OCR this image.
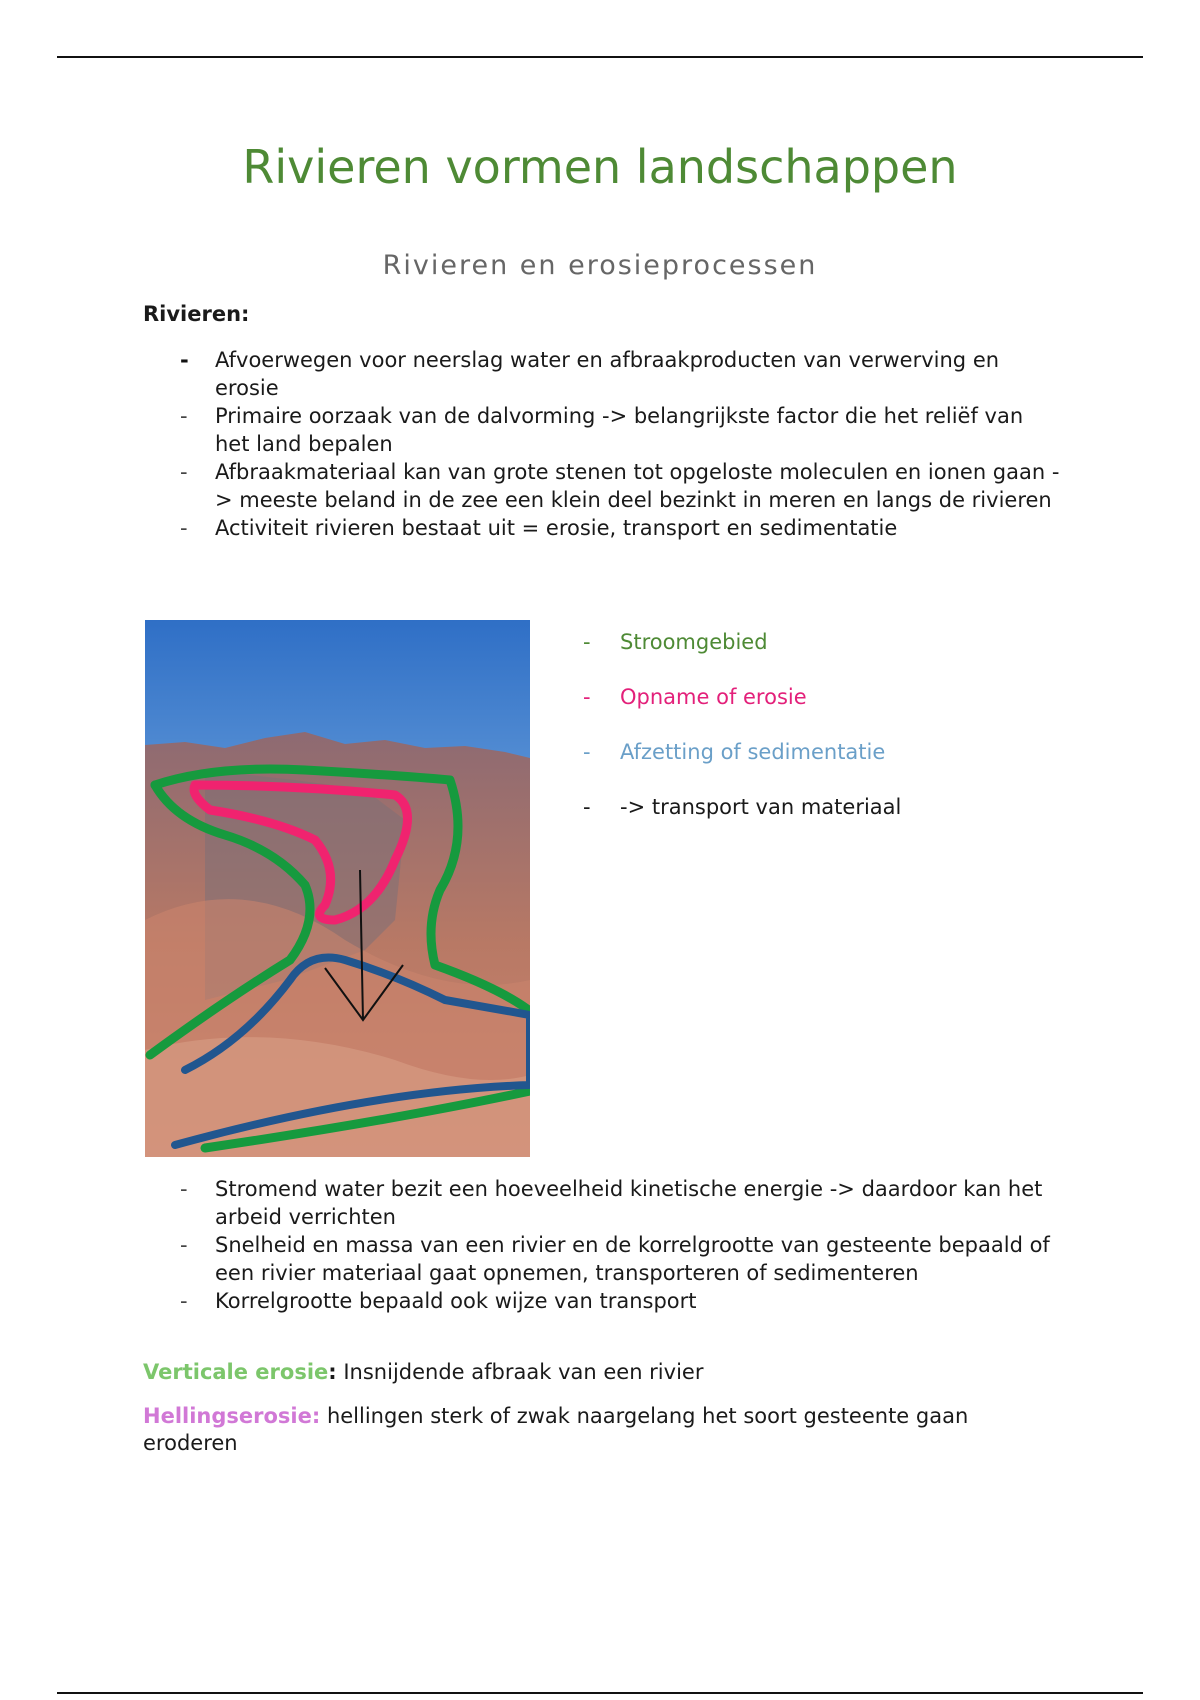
Rivieren vormen landschappen
Rivieren en erosieprocessen

Rivieren:

- Afvoerwegen voor neerslag water en afbraakproducten van verwerving en erosie
- Primaire oorzaak van de dalvorming -> belangrijkste factor die het reliëf van het land bepalen
- Afbraakmateriaal kan van grote stenen tot opgeloste moleculen en ionen gaan -> meeste beland in de zee een klein deel bezinkt in meren en langs de rivieren
- Activiteit rivieren bestaat uit = erosie, transport en sedimentatie
- Stroomgebied
- Opname of erosie
- Afzetting of sedimentatie
- -> transport van materiaal
- Stromend water bezit een hoeveelheid kinetische energie -> daardoor kan het arbeid verrichten
- Snelheid en massa van een rivier en de korrelgrootte van gesteente bepaald of een rivier materiaal gaat opnemen, transporteren of sedimenteren
- Korrelgrootte bepaald ook wijze van transport

Verticale erosie: Insnijdende afbraak van een rivier

Hellingserosie: hellingen sterk of zwak naargelang het soort gesteente gaan eroderen
